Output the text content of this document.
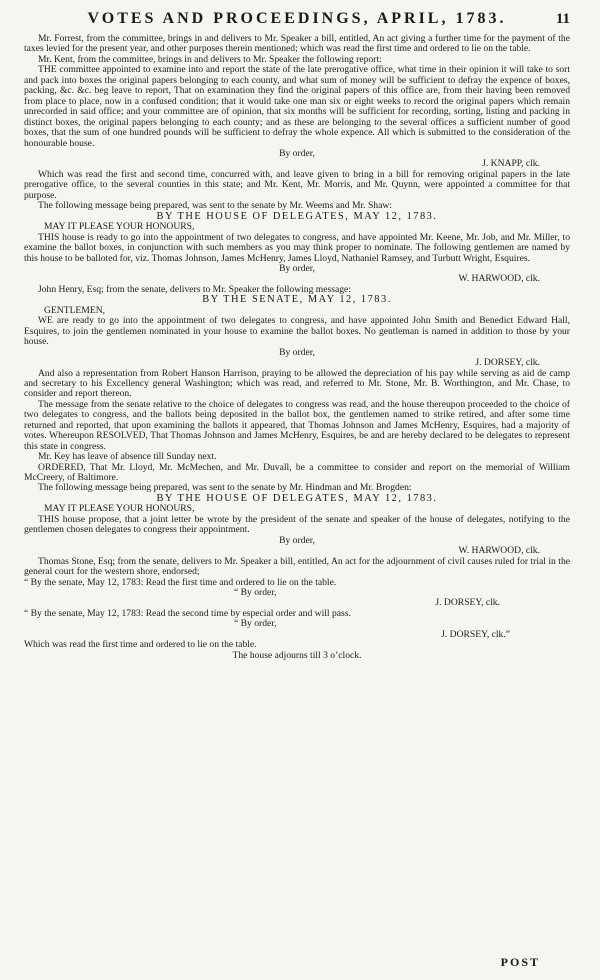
VOTES AND PROCEEDINGS, APRIL, 1783.	11

Mr. Forrest, from the committee, brings in and delivers to Mr. Speaker a bill, entitled, An act giving a further time for the payment of the taxes levied for the present year, and other purposes therein mentioned; which was read the first time and ordered to lie on the table.

Mr. Kent, from the committee, brings in and delivers to Mr. Speaker the following report:

THE committee appointed to examine into and report the state of the late prerogative office, what time in their opinion it will take to sort and pack into boxes the original papers belonging to each county, and what sum of money will be sufficient to defray the expence of boxes, packing, &c. &c. beg leave to report, That on examination they find the original papers of this office are, from their having been removed from place to place, now in a confused condition; that it would take one man six or eight weeks to record the original papers which remain unrecorded in said office; and your committee are of opinion, that six months will be sufficient for recording, sorting, listing and packing in distinct boxes, the original papers belonging to each county; and as these are belonging to the several offices a sufficient number of good boxes, that the sum of one hundred pounds will be sufficient to defray the whole expence. All which is submitted to the consideration of the honourable house.

By order,

J. KNAPP, clk.

Which was read the first and second time, concurred with, and leave given to bring in a bill for removing original papers in the late prerogative office, to the several counties in this state; and Mr. Kent, Mr. Morris, and Mr. Quynn, were appointed a committee for that purpose.

The following message being prepared, was sent to the senate by Mr. Weems and Mr. Shaw:

BY THE HOUSE OF DELEGATES, MAY 12, 1783.

MAY IT PLEASE YOUR HONOURS,

THIS house is ready to go into the appointment of two delegates to congress, and have appointed Mr. Keene, Mr. Job, and Mr. Miller, to examine the ballot boxes, in conjunction with such members as you may think proper to nominate. The following gentlemen are named by this house to be balloted for, viz. Thomas Johnson, James McHenry, James Lloyd, Nathaniel Ramsey, and Turbutt Wright, Esquires.

By order,

W. HARWOOD, clk.

John Henry, Esq; from the senate, delivers to Mr. Speaker the following message:

BY THE SENATE, MAY 12, 1783.

GENTLEMEN,

WE are ready to go into the appointment of two delegates to congress, and have appointed John Smith and Benedict Edward Hall, Esquires, to join the gentlemen nominated in your house to examine the ballot boxes. No gentleman is named in addition to those by your house.

By order,

J. DORSEY, clk.

And also a representation from Robert Hanson Harrison, praying to be allowed the depreciation of his pay while serving as aid de camp and secretary to his Excellency general Washington; which was read, and referred to Mr. Stone, Mr. B. Worthington, and Mr. Chase, to consider and report thereon.

The message from the senate relative to the choice of delegates to congress was read, and the house thereupon proceeded to the choice of two delegates to congress, and the ballots being deposited in the ballot box, the gentlemen named to strike retired, and after some time returned and reported, that upon examining the ballots it appeared, that Thomas Johnson and James McHenry, Esquires, had a majority of votes. Whereupon RESOLVED, That Thomas Johnson and James McHenry, Esquires, be and are hereby declared to be delegates to represent this state in congress.

Mr. Key has leave of absence till Sunday next.

ORDERED, That Mr. Lloyd, Mr. McMechen, and Mr. Duvall, be a committee to consider and report on the memorial of William McCreery, of Baltimore.

The following message being prepared, was sent to the senate by Mr. Hindman and Mr. Brogden:

BY THE HOUSE OF DELEGATES, MAY 12, 1783.

MAY IT PLEASE YOUR HONOURS,

THIS house propose, that a joint letter be wrote by the president of the senate and speaker of the house of delegates, notifying to the gentlemen chosen delegates to congress their appointment.

By order,

W. HARWOOD, clk.

Thomas Stone, Esq; from the senate, delivers to Mr. Speaker a bill, entitled, An act for the adjournment of civil causes ruled for trial in the general court for the western shore, endorsed;

“ By the senate, May 12, 1783: Read the first time and ordered to lie on the table.

“ By order,

J. DORSEY, clk.

“ By the senate, May 12, 1783: Read the second time by especial order and will pass.

“ By order,

J. DORSEY, clk.”

Which was read the first time and ordered to lie on the table.

The house adjourns till 3 o’clock.

POST
